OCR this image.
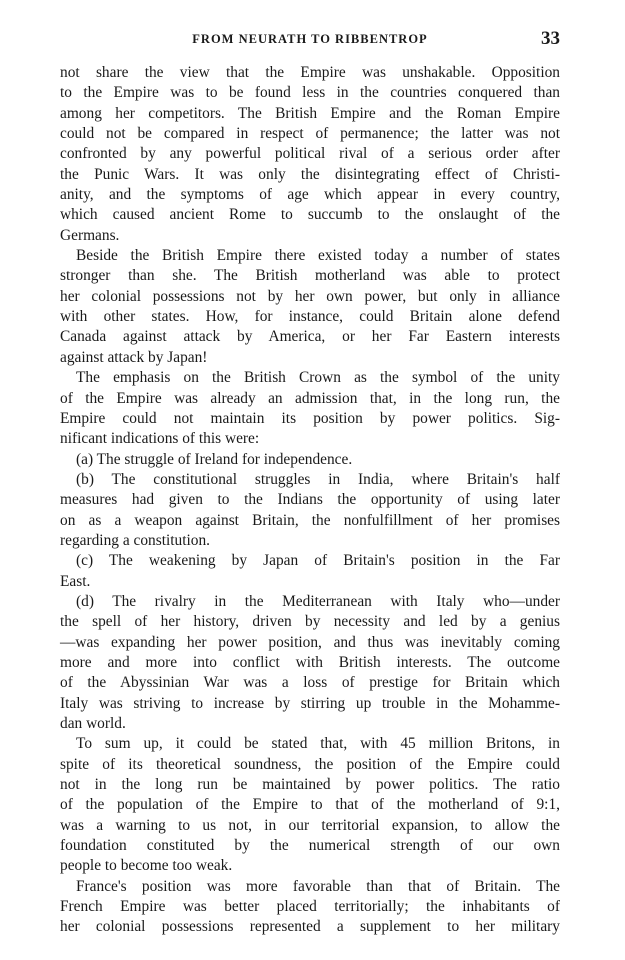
FROM NEURATH TO RIBBENTROP	33
not share the view that the Empire was unshakable. Opposition
to the Empire was to be found less in the countries conquered than
among her competitors. The British Empire and the Roman Empire
could not be compared in respect of permanence; the latter was not
confronted by any powerful political rival of a serious order after
the Punic Wars. It was only the disintegrating effect of Christi-
anity, and the symptoms of age which appear in every country,
which caused ancient Rome to succumb to the onslaught of the
Germans.
Beside the British Empire there existed today a number of states
stronger than she. The British motherland was able to protect
her colonial possessions not by her own power, but only in alliance
with other states. How, for instance, could Britain alone defend
Canada against attack by America, or her Far Eastern interests
against attack by Japan!
The emphasis on the British Crown as the symbol of the unity
of the Empire was already an admission that, in the long run, the
Empire could not maintain its position by power politics. Sig-
nificant indications of this were:
(a) The struggle of Ireland for independence.
(b) The constitutional struggles in India, where Britain's half
measures had given to the Indians the opportunity of using later
on as a weapon against Britain, the nonfulfillment of her promises
regarding a constitution.
(c) The weakening by Japan of Britain's position in the Far
East.
(d) The rivalry in the Mediterranean with Italy who—under
the spell of her history, driven by necessity and led by a genius
—was expanding her power position, and thus was inevitably coming
more and more into conflict with British interests. The outcome
of the Abyssinian War was a loss of prestige for Britain which
Italy was striving to increase by stirring up trouble in the Mohamme-
dan world.
To sum up, it could be stated that, with 45 million Britons, in
spite of its theoretical soundness, the position of the Empire could
not in the long run be maintained by power politics. The ratio
of the population of the Empire to that of the motherland of 9:1,
was a warning to us not, in our territorial expansion, to allow the
foundation constituted by the numerical strength of our own
people to become too weak.
France's position was more favorable than that of Britain. The
French Empire was better placed territorially; the inhabitants of
her colonial possessions represented a supplement to her military
